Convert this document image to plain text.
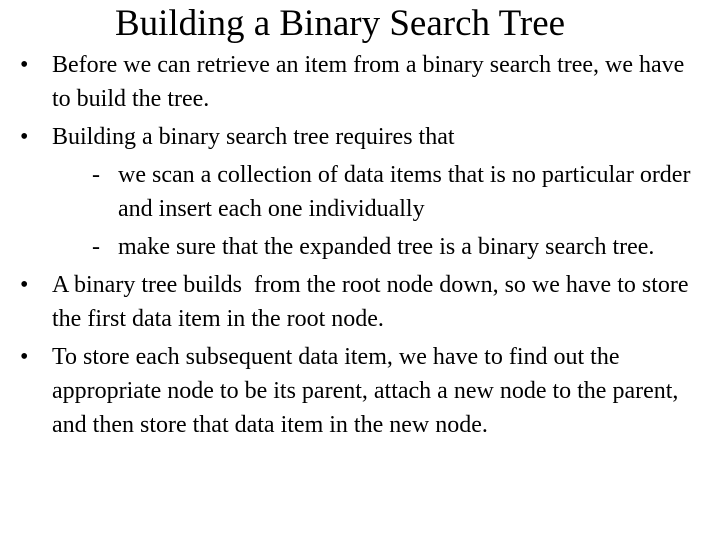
Building a Binary Search Tree
• Before we can retrieve an item from a binary search tree, we have to build the tree.
• Building a binary search tree requires that
- we scan a collection of data items that is no particular order and insert each one individually
- make sure that the expanded tree is a binary search tree.
• A binary tree builds  from the root node down, so we have to store the first data item in the root node.
• To store each subsequent data item, we have to find out the appropriate node to be its parent, attach a new node to the parent, and then store that data item in the new node.
